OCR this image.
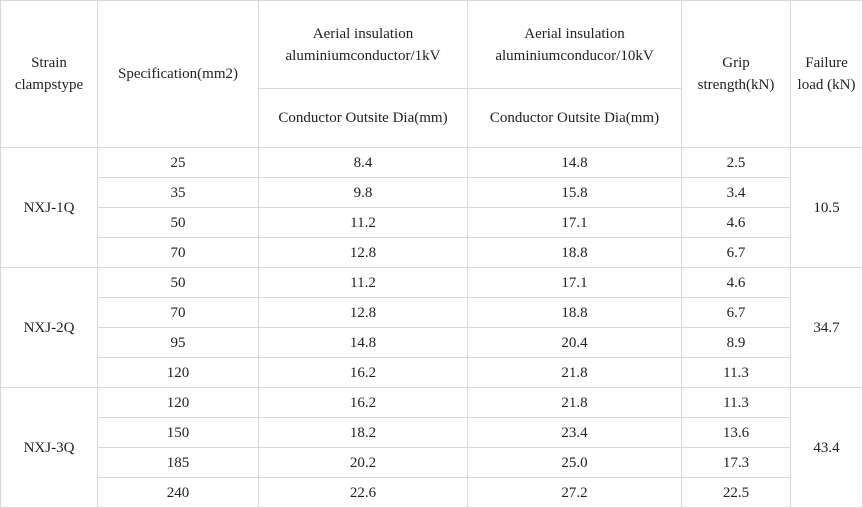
Strain clampstype	Specification(mm2)	Aerial insulation aluminiumconductor/1kV	Aerial insulation aluminiumconducor/10kV	Grip strength(kN)	Failure load (kN)
		Conductor Outsite Dia(mm)	Conductor Outsite Dia(mm)		
NXJ-1Q	25	8.4	14.8	2.5	10.5
	35	9.8	15.8	3.4	
	50	11.2	17.1	4.6	
	70	12.8	18.8	6.7	
NXJ-2Q	50	11.2	17.1	4.6	34.7
	70	12.8	18.8	6.7	
	95	14.8	20.4	8.9	
	120	16.2	21.8	11.3	
NXJ-3Q	120	16.2	21.8	11.3	43.4
	150	18.2	23.4	13.6	
	185	20.2	25.0	17.3	
	240	22.6	27.2	22.5	
